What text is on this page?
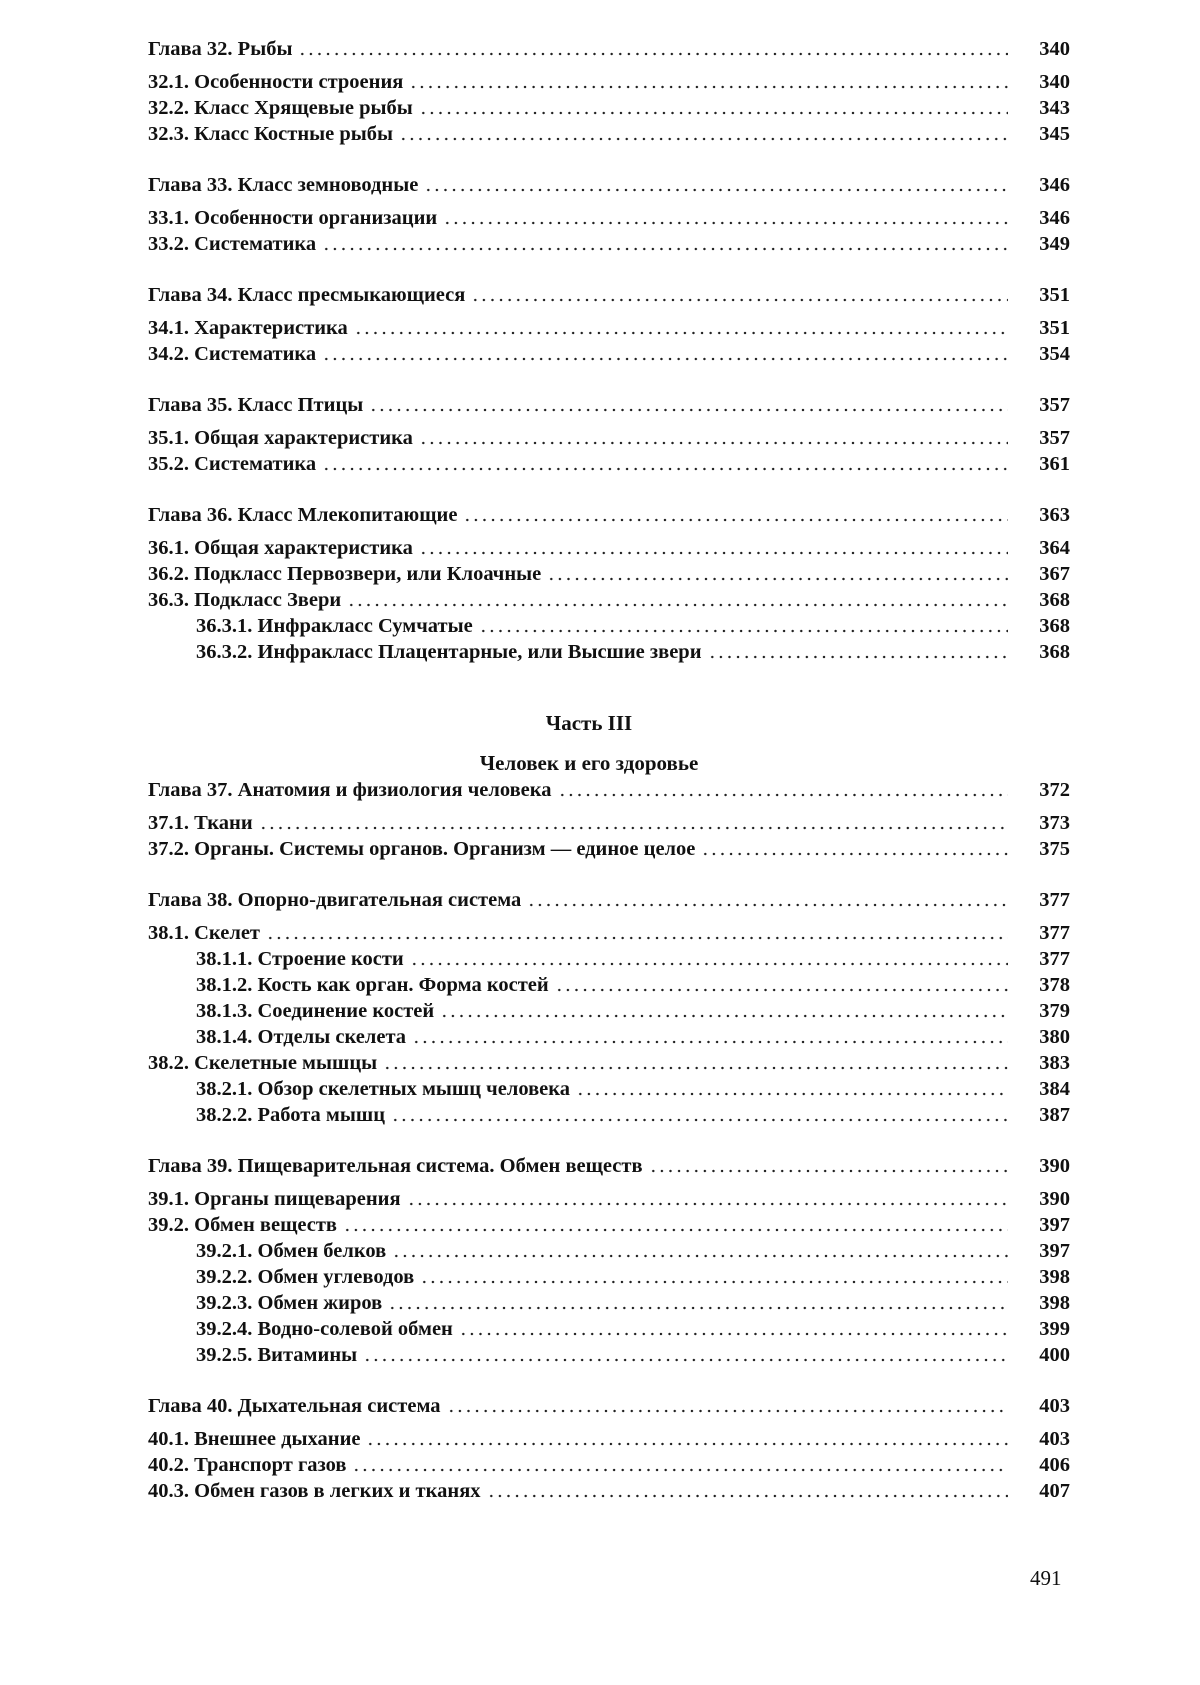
Глава 32. Рыбы	340
32.1. Особенности строения	340
32.2. Класс Хрящевые рыбы	343
32.3. Класс Костные рыбы	345
Глава 33. Класс земноводные	346
33.1. Особенности организации	346
33.2. Систематика	349
Глава 34. Класс пресмыкающиеся	351
34.1. Характеристика	351
34.2. Систематика	354
Глава 35. Класс Птицы	357
35.1. Общая характеристика	357
35.2. Систематика	361
Глава 36. Класс Млекопитающие	363
36.1. Общая характеристика	364
36.2. Подкласс Первозвери, или Клоачные	367
36.3. Подкласс Звери	368
36.3.1. Инфракласс Сумчатые	368
36.3.2. Инфракласс Плацентарные, или Высшие звери	368
Часть III
Человек и его здоровье
Глава 37. Анатомия и физиология человека	372
37.1. Ткани	373
37.2. Органы. Системы органов. Организм — единое целое	375
Глава 38. Опорно-двигательная система	377
38.1. Скелет	377
38.1.1. Строение кости	377
38.1.2. Кость как орган. Форма костей	378
38.1.3. Соединение костей	379
38.1.4. Отделы скелета	380
38.2. Скелетные мышцы	383
38.2.1. Обзор скелетных мышц человека	384
38.2.2. Работа мышц	387
Глава 39. Пищеварительная система. Обмен веществ	390
39.1. Органы пищеварения	390
39.2. Обмен веществ	397
39.2.1. Обмен белков	397
39.2.2. Обмен углеводов	398
39.2.3. Обмен жиров	398
39.2.4. Водно-солевой обмен	399
39.2.5. Витамины	400
Глава 40. Дыхательная система	403
40.1. Внешнее дыхание	403
40.2. Транспорт газов	406
40.3. Обмен газов в легких и тканях	407
491
